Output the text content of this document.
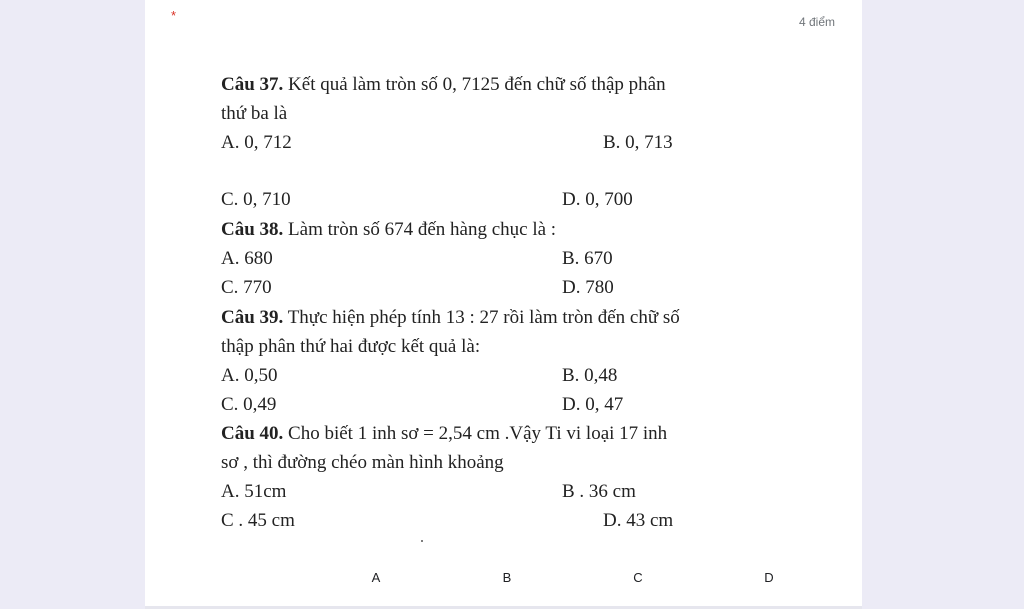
*	4 điểm
Câu 37. Kết quả làm tròn số 0, 7125 đến chữ số thập phân
thứ ba là
A. 0, 712	B. 0, 713
C. 0, 710	D. 0, 700
Câu 38. Làm tròn số 674 đến hàng chục là :
A. 680	B. 670
C. 770	D. 780
Câu 39. Thực hiện phép tính 13 : 27 rồi làm tròn đến chữ số
thập phân thứ hai được kết quả là:
A. 0,50	B. 0,48
C. 0,49	D. 0, 47
Câu 40. Cho biết 1 inh sơ = 2,54 cm .Vậy Ti vi loại 17 inh
sơ , thì đường chéo màn hình khoảng
A. 51cm	B . 36 cm
C . 45 cm	D. 43 cm
A	B	C	D
